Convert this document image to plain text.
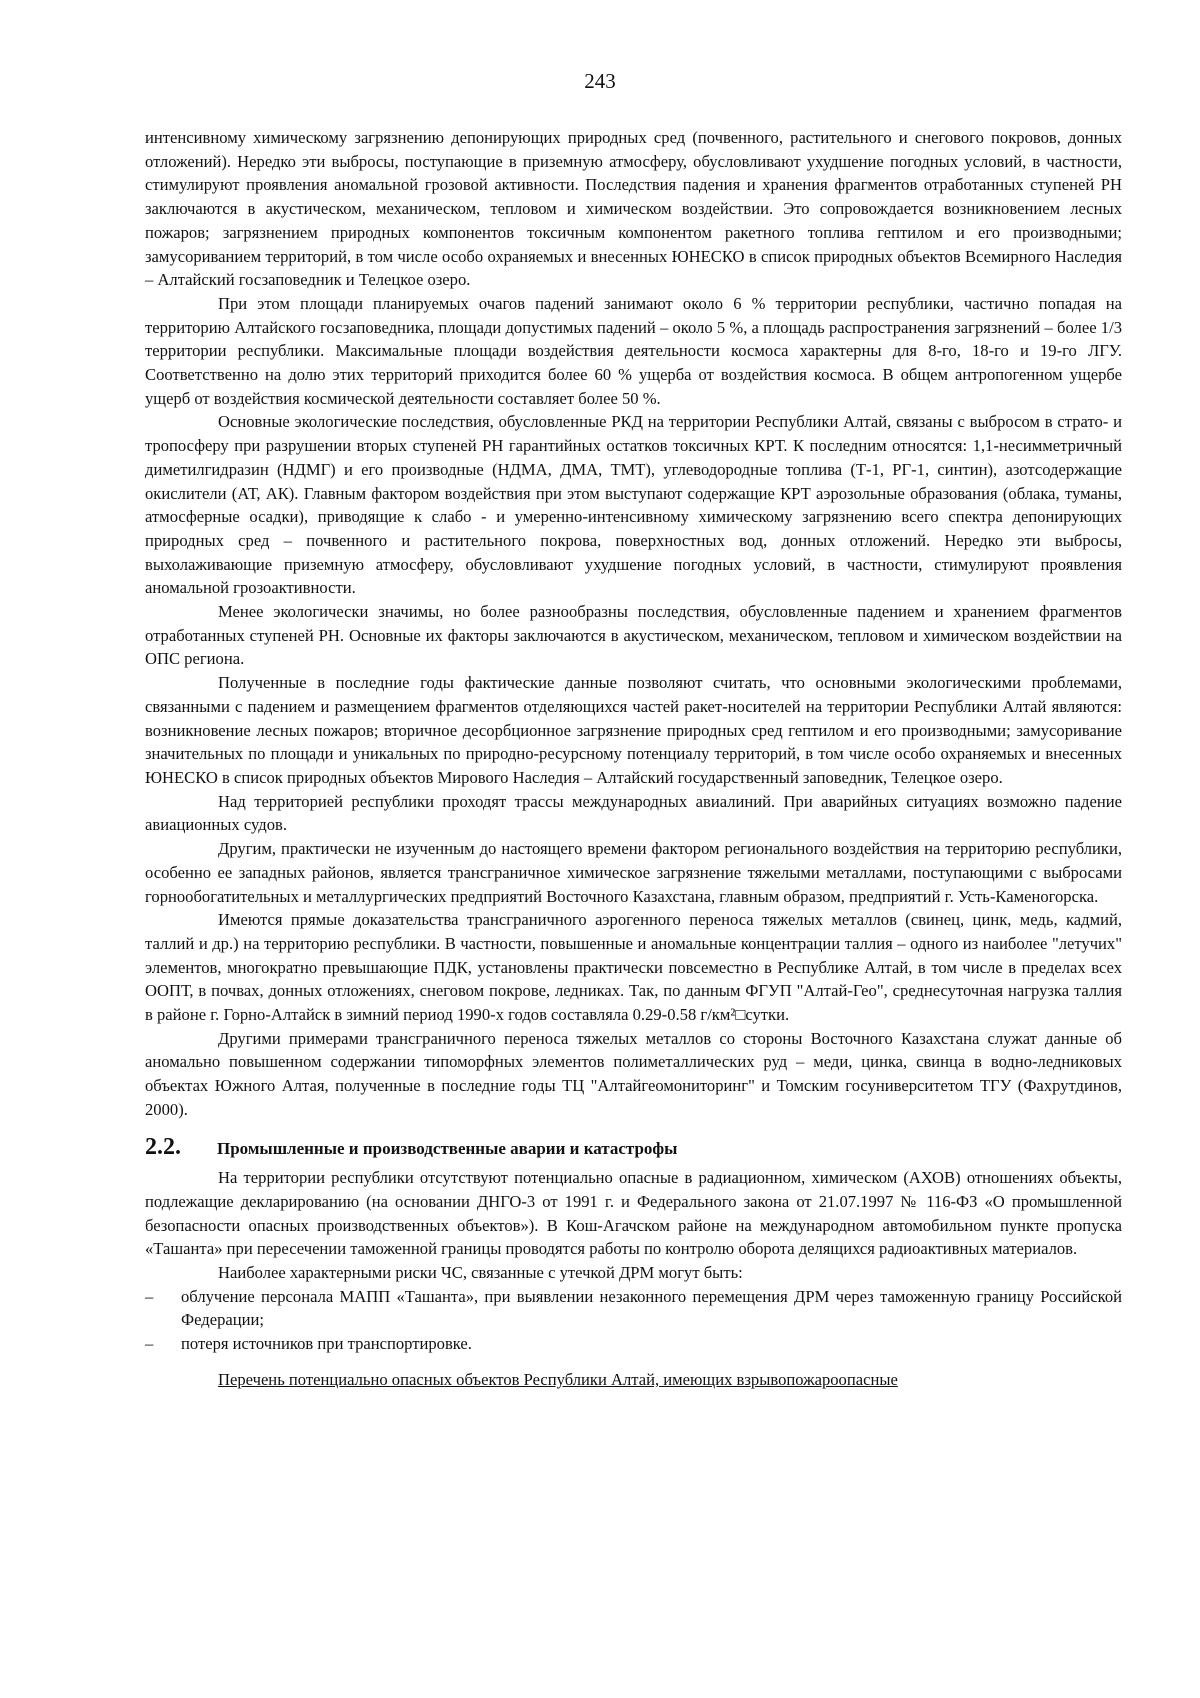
243

интенсивному химическому загрязнению депонирующих природных сред (почвенного, растительного и снегового покровов, донных отложений). Нередко эти выбросы, поступающие в приземную атмосферу, обусловливают ухудшение погодных условий, в частности, стимулируют проявления аномальной грозовой активности. Последствия падения и хранения фрагментов отработанных ступеней РН заключаются в акустическом, механическом, тепловом и химическом воздействии. Это сопровождается возникновением лесных пожаров; загрязнением природных компонентов токсичным компонентом ракетного топлива гептилом и его производными; замусориванием территорий, в том числе особо охраняемых и внесенных ЮНЕСКО в список природных объектов Всемирного Наследия – Алтайский госзаповедник и Телецкое озеро.

При этом площади планируемых очагов падений занимают около 6 % территории республики, частично попадая на территорию Алтайского госзаповедника, площади допустимых падений – около 5 %, а площадь распространения загрязнений – более 1/3 территории республики. Максимальные площади воздействия деятельности космоса характерны для 8-го, 18-го и 19-го ЛГУ. Соответственно на долю этих территорий приходится более 60 % ущерба от воздействия космоса. В общем антропогенном ущербе ущерб от воздействия космической деятельности составляет более 50 %.

Основные экологические последствия, обусловленные РКД на территории Республики Алтай, связаны с выбросом в страто- и тропосферу при разрушении вторых ступеней РН гарантийных остатков токсичных КРТ. К последним относятся: 1,1-несимметричный диметилгидразин (НДМГ) и его производные (НДМА, ДМА, ТМТ), углеводородные топлива (Т-1, РГ-1, синтин), азотсодержащие окислители (АТ, АК). Главным фактором воздействия при этом выступают содержащие КРТ аэрозольные образования (облака, туманы, атмосферные осадки), приводящие к слабо - и умеренно-интенсивному химическому загрязнению всего спектра депонирующих природных сред – почвенного и растительного покрова, поверхностных вод, донных отложений. Нередко эти выбросы, выхолаживающие приземную атмосферу, обусловливают ухудшение погодных условий, в частности, стимулируют проявления аномальной грозоактивности.

Менее экологически значимы, но более разнообразны последствия, обусловленные падением и хранением фрагментов отработанных ступеней РН. Основные их факторы заключаются в акустическом, механическом, тепловом и химическом воздействии на ОПС региона.

Полученные в последние годы фактические данные позволяют считать, что основными экологическими проблемами, связанными с падением и размещением фрагментов отделяющихся частей ракет-носителей на территории Республики Алтай являются: возникновение лесных пожаров; вторичное десорбционное загрязнение природных сред гептилом и его производными; замусоривание значительных по площади и уникальных по природно-ресурсному потенциалу территорий, в том числе особо охраняемых и внесенных ЮНЕСКО в список природных объектов Мирового Наследия – Алтайский государственный заповедник, Телецкое озеро.

Над территорией республики проходят трассы международных авиалиний. При аварийных ситуациях возможно падение авиационных судов.

Другим, практически не изученным до настоящего времени фактором регионального воздействия на территорию республики, особенно ее западных районов, является трансграничное химическое загрязнение тяжелыми металлами, поступающими с выбросами горнообогатительных и металлургических предприятий Восточного Казахстана, главным образом, предприятий г. Усть-Каменогорска.

Имеются прямые доказательства трансграничного аэрогенного переноса тяжелых металлов (свинец, цинк, медь, кадмий, таллий и др.) на территорию республики. В частности, повышенные и аномальные концентрации таллия – одного из наиболее "летучих" элементов, многократно превышающие ПДК, установлены практически повсеместно в Республике Алтай, в том числе в пределах всех ООПТ, в почвах, донных отложениях, снеговом покрове, ледниках. Так, по данным ФГУП "Алтай-Гео", среднесуточная нагрузка таллия в районе г. Горно-Алтайск в зимний период 1990-х годов составляла 0.29-0.58 г/км²□сутки.

Другими примерами трансграничного переноса тяжелых металлов со стороны Восточного Казахстана служат данные об аномально повышенном содержании типоморфных элементов полиметаллических руд – меди, цинка, свинца в водно-ледниковых объектах Южного Алтая, полученные в последние годы ТЦ "Алтайгеомониторинг" и Томским госуниверситетом ТГУ (Фахрутдинов, 2000).

2.2.	Промышленные и производственные аварии и катастрофы

На территории республики отсутствуют потенциально опасные в радиационном, химическом (АХОВ) отношениях объекты, подлежащие декларированию (на основании ДНГО-3 от 1991 г. и Федерального закона от 21.07.1997 № 116-ФЗ «О промышленной безопасности опасных производственных объектов»). В Кош-Агачском районе на международном автомобильном пункте пропуска «Ташанта» при пересечении таможенной границы проводятся работы по контролю оборота делящихся радиоактивных материалов.

Наиболее характерными риски ЧС, связанные с утечкой ДРМ могут быть:

– облучение персонала МАПП «Ташанта», при выявлении незаконного перемещения ДРМ через таможенную границу Российской Федерации;
– потеря источников при транспортировке.

Перечень потенциально опасных объектов Республики Алтай, имеющих взрывопожароопасные
